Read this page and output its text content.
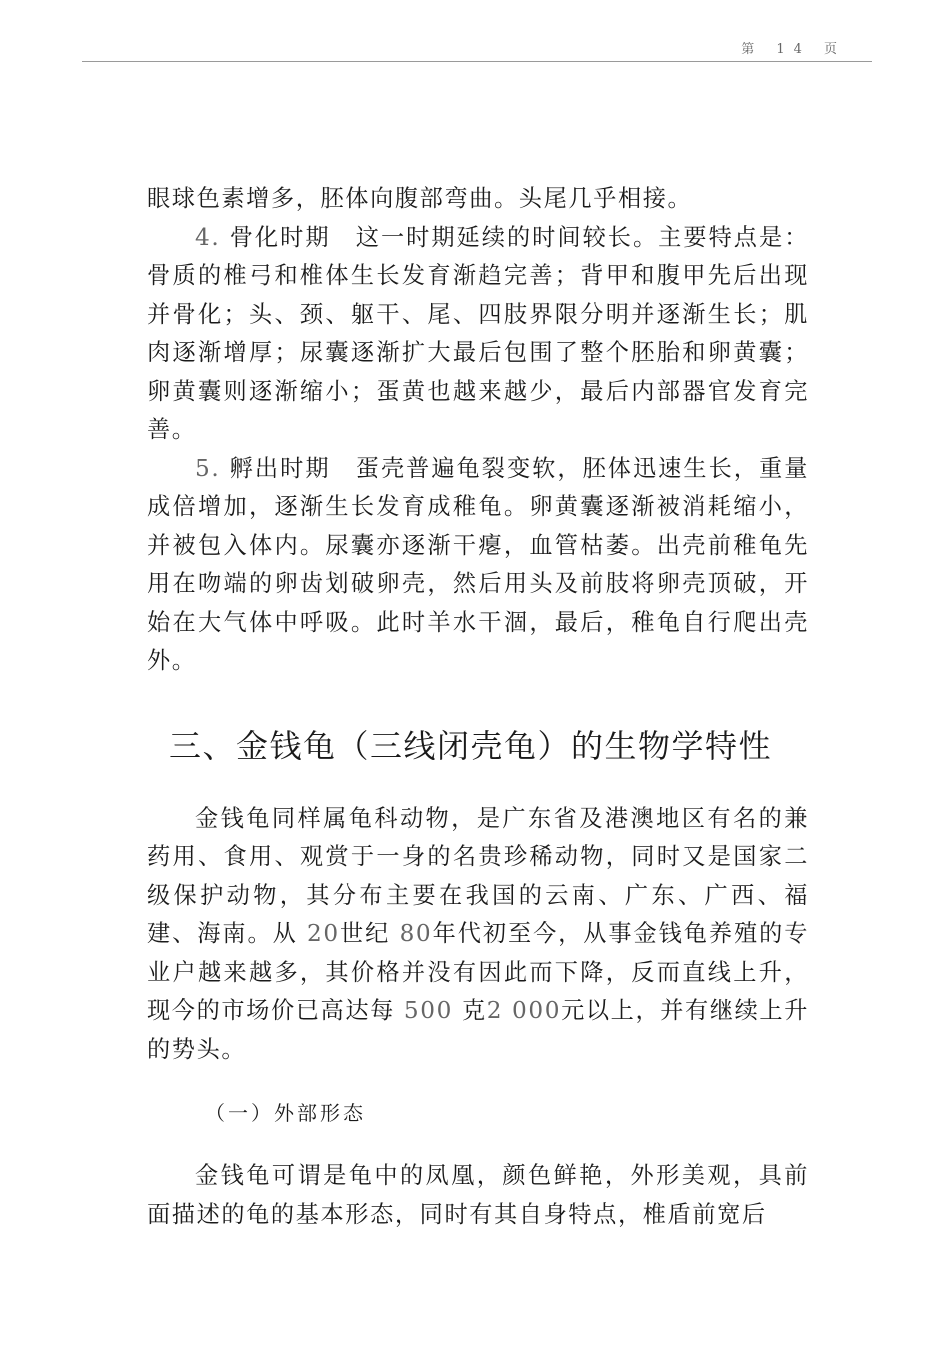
第 14 页

眼球色素增多，胚体向腹部弯曲。头尾几乎相接。

4. 骨化时期　这一时期延续的时间较长。主要特点是：骨质的椎弓和椎体生长发育渐趋完善；背甲和腹甲先后出现并骨化；头、颈、躯干、尾、四肢界限分明并逐渐生长；肌肉逐渐增厚；尿囊逐渐扩大最后包围了整个胚胎和卵黄囊；卵黄囊则逐渐缩小；蛋黄也越来越少，最后内部器官发育完善。

5. 孵出时期　蛋壳普遍龟裂变软，胚体迅速生长，重量成倍增加，逐渐生长发育成稚龟。卵黄囊逐渐被消耗缩小，并被包入体内。尿囊亦逐渐干瘪，血管枯萎。出壳前稚龟先用在吻端的卵齿划破卵壳，然后用头及前肢将卵壳顶破，开始在大气体中呼吸。此时羊水干涸，最后，稚龟自行爬出壳外。

三、金钱龟（三线闭壳龟）的生物学特性

金钱龟同样属龟科动物，是广东省及港澳地区有名的兼药用、食用、观赏于一身的名贵珍稀动物，同时又是国家二级保护动物，其分布主要在我国的云南、广东、广西、福建、海南。从 20世纪 80年代初至今，从事金钱龟养殖的专业户越来越多，其价格并没有因此而下降，反而直线上升，现今的市场价已高达每 500 克2 000元以上，并有继续上升的势头。

（一）外部形态

金钱龟可谓是龟中的凤凰，颜色鲜艳，外形美观，具前面描述的龟的基本形态，同时有其自身特点，椎盾前宽后
